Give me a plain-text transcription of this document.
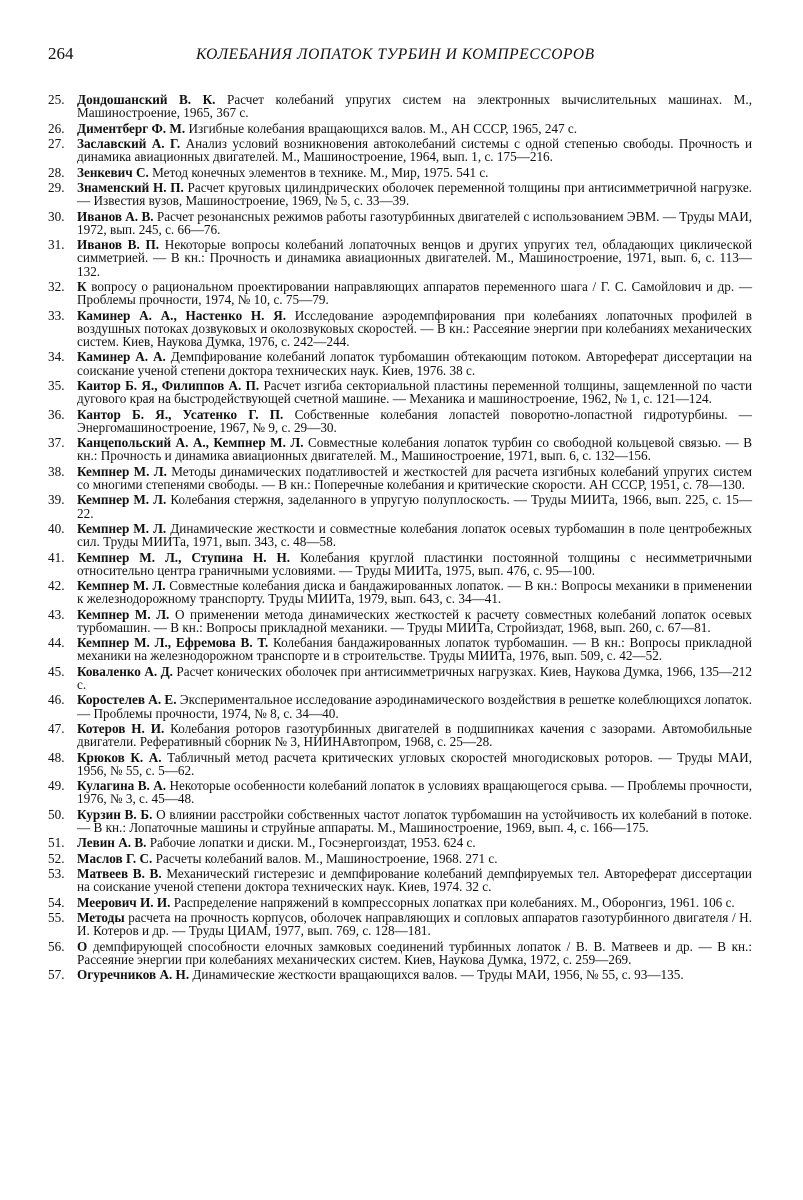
264	КОЛЕБАНИЯ ЛОПАТОК ТУРБИН И КОМПРЕССОРОВ
25. Дондошанский В. К. Расчет колебаний упругих систем на электронных вычислительных машинах. М., Машиностроение, 1965, 367 с.
26. Диментберг Ф. М. Изгибные колебания вращающихся валов. М., АН СССР, 1965, 247 с.
27. Заславский А. Г. Анализ условий возникновения автоколебаний системы с одной степенью свободы. Прочность и динамика авиационных двигателей. М., Машиностроение, 1964, вып. 1, с. 175—216.
28. Зенкевич С. Метод конечных элементов в технике. М., Мир, 1975. 541 с.
29. Знаменский Н. П. Расчет круговых цилиндрических оболочек переменной толщины при антисимметричной нагрузке. — Известия вузов, Машиностроение, 1969, № 5, с. 33—39.
30. Иванов А. В. Расчет резонансных режимов работы газотурбинных двигателей с использованием ЭВМ. — Труды МАИ, 1972, вып. 245, с. 66—76.
31. Иванов В. П. Некоторые вопросы колебаний лопаточных венцов и других упругих тел, обладающих циклической симметрией. — В кн.: Прочность и динамика авиационных двигателей. М., Машиностроение, 1971, вып. 6, с. 113—132.
32. К вопросу о рациональном проектировании направляющих аппаратов переменного шага / Г. С. Самойлович и др. — Проблемы прочности, 1974, № 10, с. 75—79.
33. Каминер А. А., Настенко Н. Я. Исследование аэродемпфирования при колебаниях лопаточных профилей в воздушных потоках дозвуковых и околозвуковых скоростей. — В кн.: Рассеяние энергии при колебаниях механических систем. Киев, Наукова Думка, 1976, с. 242—244.
34. Каминер А. А. Демпфирование колебаний лопаток турбомашин обтекающим потоком. Автореферат диссертации на соискание ученой степени доктора технических наук. Киев, 1976. 38 с.
35. Каитор Б. Я., Филиппов А. П. Расчет изгиба секториальной пластины переменной толщины, защемленной по части дугового края на быстродействующей счетной машине. — Механика и машиностроение, 1962, № 1, с. 121—124.
36. Кантор Б. Я., Усатенко Г. П. Собственные колебания лопастей поворотно-лопастной гидротурбины. — Энергомашиностроение, 1967, № 9, с. 29—30.
37. Канцепольский А. А., Кемпнер М. Л. Совместные колебания лопаток турбин со свободной кольцевой связью. — В кн.: Прочность и динамика авиационных двигателей. М., Машиностроение, 1971, вып. 6, с. 132—156.
38. Кемпнер М. Л. Методы динамических податливостей и жесткостей для расчета изгибных колебаний упругих систем со многими степенями свободы. — В кн.: Поперечные колебания и критические скорости. АН СССР, 1951, с. 78—130.
39. Кемпнер М. Л. Колебания стержня, заделанного в упругую полуплоскость. — Труды МИИТа, 1966, вып. 225, с. 15—22.
40. Кемпнер М. Л. Динамические жесткости и совместные колебания лопаток осевых турбомашин в поле центробежных сил. Труды МИИТа, 1971, вып. 343, с. 48—58.
41. Кемпнер М. Л., Ступина Н. Н. Колебания круглой пластинки постоянной толщины с несимметричными относительно центра граничными условиями. — Труды МИИТа, 1975, вып. 476, с. 95—100.
42. Кемпнер М. Л. Совместные колебания диска и бандажированных лопаток. — В кн.: Вопросы механики в применении к железнодорожному транспорту. Труды МИИТа, 1979, вып. 643, с. 34—41.
43. Кемпнер М. Л. О применении метода динамических жесткостей к расчету совместных колебаний лопаток осевых турбомашин. — В кн.: Вопросы прикладной механики. — Труды МИИТа, Стройиздат, 1968, вып. 260, с. 67—81.
44. Кемпнер М. Л., Ефремова В. Т. Колебания бандажированных лопаток турбомашин. — В кн.: Вопросы прикладной механики на железнодорожном транспорте и в строительстве. Труды МИИТа, 1976, вып. 509, с. 42—52.
45. Коваленко А. Д. Расчет конических оболочек при антисимметричных нагрузках. Киев, Наукова Думка, 1966, 135—212 с.
46. Коростелев А. Е. Экспериментальное исследование аэродинамического воздействия в решетке колеблющихся лопаток. — Проблемы прочности, 1974, № 8, с. 34—40.
47. Котеров Н. И. Колебания роторов газотурбинных двигателей в подшипниках качения с зазорами. Автомобильные двигатели. Реферативный сборник № 3, НИИНАвтопром, 1968, с. 25—28.
48. Крюков К. А. Табличный метод расчета критических угловых скоростей многодисковых роторов. — Труды МАИ, 1956, № 55, с. 5—62.
49. Кулагина В. А. Некоторые особенности колебаний лопаток в условиях вращающегося срыва. — Проблемы прочности, 1976, № 3, с. 45—48.
50. Курзин В. Б. О влиянии расстройки собственных частот лопаток турбомашин на устойчивость их колебаний в потоке. — В кн.: Лопаточные машины и струйные аппараты. М., Машиностроение, 1969, вып. 4, с. 166—175.
51. Левин А. В. Рабочие лопатки и диски. М., Госэнергоиздат, 1953. 624 с.
52. Маслов Г. С. Расчеты колебаний валов. М., Машиностроение, 1968. 271 с.
53. Матвеев В. В. Механический гистерезис и демпфирование колебаний демпфируемых тел. Автореферат диссертации на соискание ученой степени доктора технических наук. Киев, 1974. 32 с.
54. Меерович И. И. Распределение напряжений в компрессорных лопатках при колебаниях. М., Оборонгиз, 1961. 106 с.
55. Методы расчета на прочность корпусов, оболочек направляющих и сопловых аппаратов газотурбинного двигателя / Н. И. Котеров и др. — Труды ЦИАМ, 1977, вып. 769, с. 128—181.
56. О демпфирующей способности елочных замковых соединений турбинных лопаток / В. В. Матвеев и др. — В кн.: Рассеяние энергии при колебаниях механических систем. Киев, Наукова Думка, 1972, с. 259—269.
57. Огуречников А. Н. Динамические жесткости вращающихся валов. — Труды МАИ, 1956, № 55, с. 93—135.
